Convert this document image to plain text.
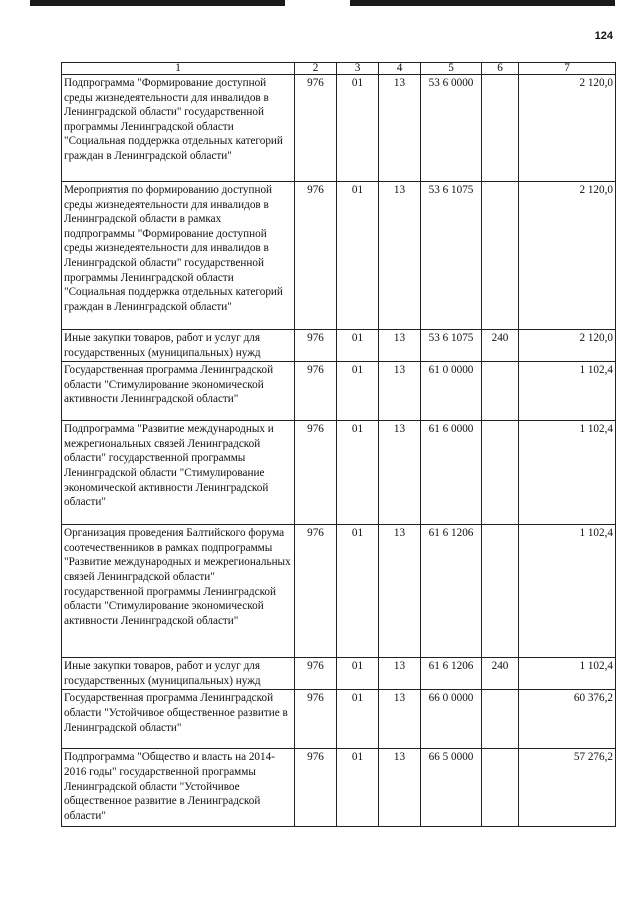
124
1	2	3	4	5	6	7
Подпрограмма "Формирование доступной среды жизнедеятельности для инвалидов в Ленинградской области" государственной программы Ленинградской области "Социальная поддержка отдельных категорий граждан в Ленинградской области"	976	01	13	53 6 0000		2 120,0
Мероприятия по формированию доступной среды жизнедеятельности для инвалидов в Ленинградской области в рамках подпрограммы "Формирование доступной среды жизнедеятельности для инвалидов в Ленинградской области" государственной программы Ленинградской области "Социальная поддержка отдельных категорий граждан в Ленинградской области"	976	01	13	53 6 1075		2 120,0
Иные закупки товаров, работ и услуг для государственных (муниципальных) нужд	976	01	13	53 6 1075	240	2 120,0
Государственная программа Ленинградской области "Стимулирование экономической активности Ленинградской области"	976	01	13	61 0 0000		1 102,4
Подпрограмма "Развитие международных и межрегиональных связей Ленинградской области" государственной программы Ленинградской области "Стимулирование экономической активности Ленинградской области"	976	01	13	61 6 0000		1 102,4
Организация проведения Балтийского форума соотечественников в рамках подпрограммы "Развитие международных и межрегиональных связей Ленинградской области" государственной программы Ленинградской области "Стимулирование экономической активности Ленинградской области"	976	01	13	61 6 1206		1 102,4
Иные закупки товаров, работ и услуг для государственных (муниципальных) нужд	976	01	13	61 6 1206	240	1 102,4
Государственная программа Ленинградской области "Устойчивое общественное развитие в Ленинградской области"	976	01	13	66 0 0000		60 376,2
Подпрограмма "Общество и власть на 2014-2016 годы" государственной программы Ленинградской области "Устойчивое общественное развитие в Ленинградской области"	976	01	13	66 5 0000		57 276,2
